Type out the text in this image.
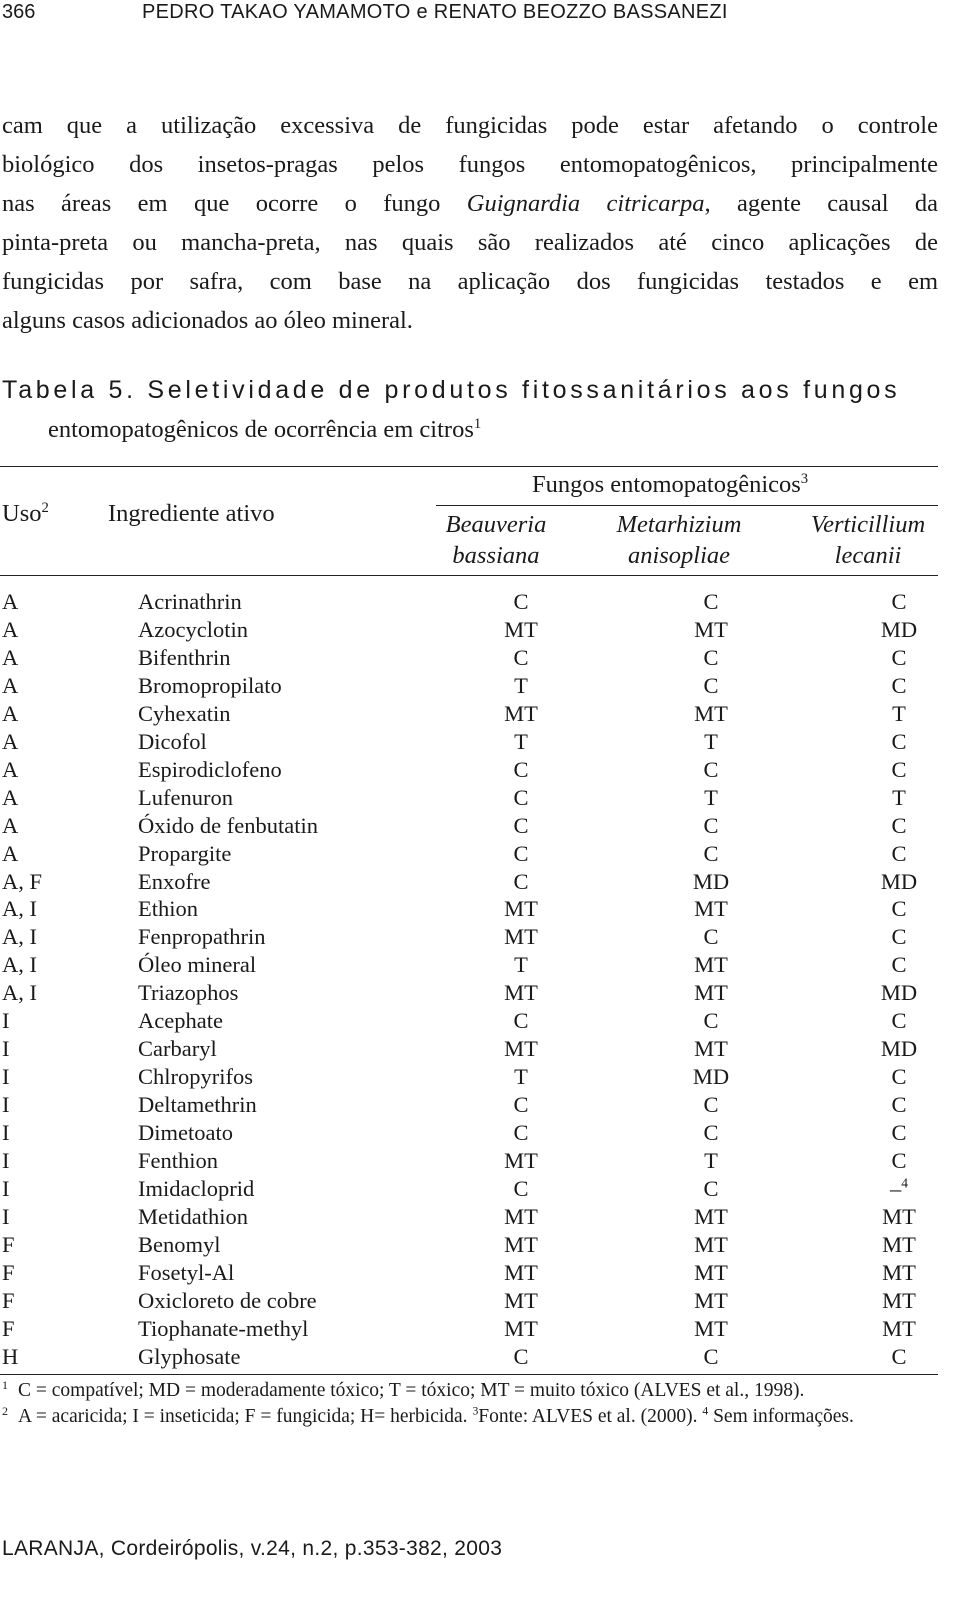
366	PEDRO TAKAO YAMAMOTO e RENATO BEOZZO BASSANEZI
cam que a utilização excessiva de fungicidas pode estar afetando o controle
biológico dos insetos-pragas pelos fungos entomopatogênicos, principalmente
nas áreas em que ocorre o fungo Guignardia citricarpa, agente causal da
pinta-preta ou mancha-preta, nas quais são realizados até cinco aplicações de
fungicidas por safra, com base na aplicação dos fungicidas testados e em
alguns casos adicionados ao óleo mineral.
Tabela 5. Seletividade de produtos fitossanitários aos fungos
entomopatogênicos de ocorrência em citros$^1$
Uso$^2$ Ingrediente ativo
Fungos entomopatogênicos$^3$
Beauveria
bassiana
Metarhizium
anisopliae
Verticillium
lecanii
A	Acrinathrin	C	C	C
A	Azocyclotin	MT	MT	MD
A	Bifenthrin	C	C	C
A	Bromopropilato	T	C	C
A	Cyhexatin	MT	MT	T
A	Dicofol	T	T	C
A	Espirodiclofeno	C	C	C
A	Lufenuron	C	T	T
A	Óxido de fenbutatin	C	C	C
A	Propargite	C	C	C
A, F	Enxofre	C	MD	MD
A, I	Ethion	MT	MT	C
A, I	Fenpropathrin	MT	C	C
A, I	Óleo mineral	T	MT	C
A, I	Triazophos	MT	MT	MD
I	Acephate	C	C	C
I	Carbaryl	MT	MT	MD
I	Chlropyrifos	T	MD	C
I	Deltamethrin	C	C	C
I	Dimetoato	C	C	C
I	Fenthion	MT	T	C
I	Imidacloprid	C	C	–$^4$
I	Metidathion	MT	MT	MT
F	Benomyl	MT	MT	MT
F	Fosetyl-Al	MT	MT	MT
F	Oxicloreto de cobre	MT	MT	MT
F	Tiophanate-methyl	MT	MT	MT
H	Glyphosate	C	C	C
1 C = compatível; MD = moderadamente tóxico; T = tóxico; MT = muito tóxico (ALVES et al., 1998).
2 A = acaricida; I = inseticida; F = fungicida; H= herbicida. $^3$Fonte: ALVES et al. (2000). $^4$ Sem informações.
LARANJA, Cordeirópolis, v.24, n.2, p.353-382, 2003
